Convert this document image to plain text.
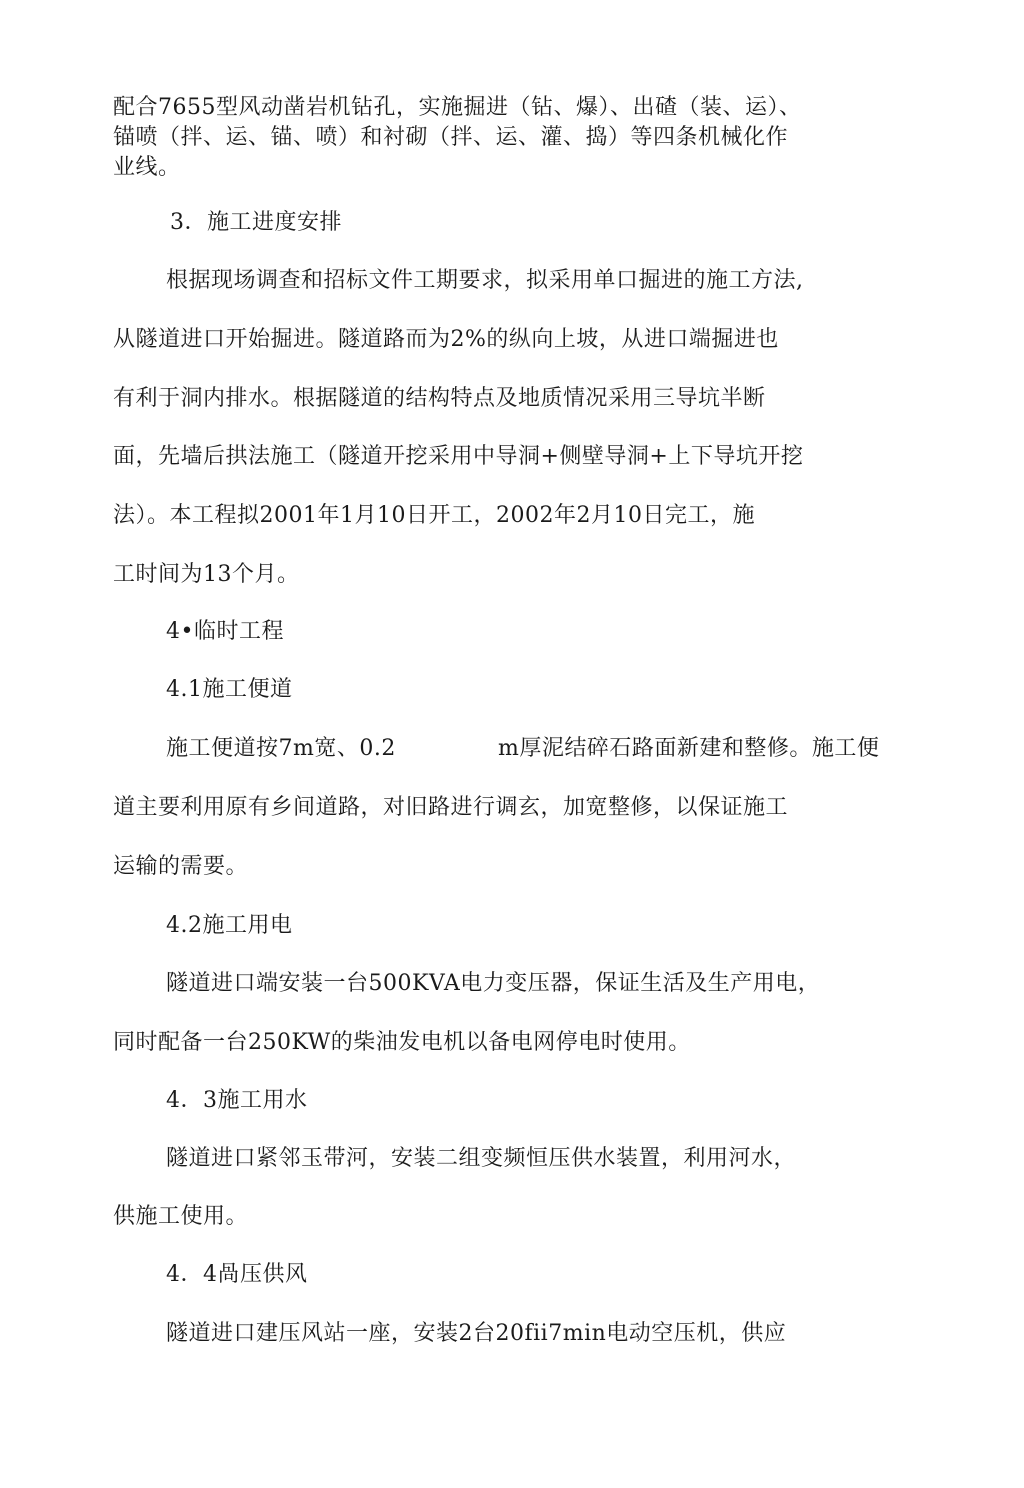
配合7655型风动凿岩机钻孔，实施掘进（钻、爆）、出碴（装、运）、
锚喷（拌、运、锚、喷）和衬砌（拌、运、灌、捣）等四条机械化作
业线。
3．施工进度安排
根据现场调查和招标文件工期要求，拟采用单口掘进的施工方法,
从隧道进口开始掘进。隧道路而为2%的纵向上坡，从进口端掘进也
有利于洞内排水。根据隧道的结构特点及地质情况采用三导坑半断
面，先墙后拱法施工（隧道开挖采用中导洞+侧壁导洞+上下导坑开挖
法）。本工程拟2001年1月10日开工，2002年2月10日完工，施
工时间为13个月。
4•临时工程
4.1施工便道
施工便道按7m宽、0.2	m厚泥结碎石路面新建和整修。施工便
道主要利用原有乡间道路，对旧路进行调玄，加宽整修，以保证施工
运输的需要。
4.2施工用电
隧道进口端安装一台500KVA电力变压器，保证生活及生产用电，
同时配备一台250KW的柴油发电机以备电网停电时使用。
4．3施工用水
隧道进口紧邻玉带河，安装二组变频恒压供水装置，利用河水，
供施工使用。
4．4咼压供风
隧道进口建压风站一座，安装2台20fii7min电动空压机，供应
